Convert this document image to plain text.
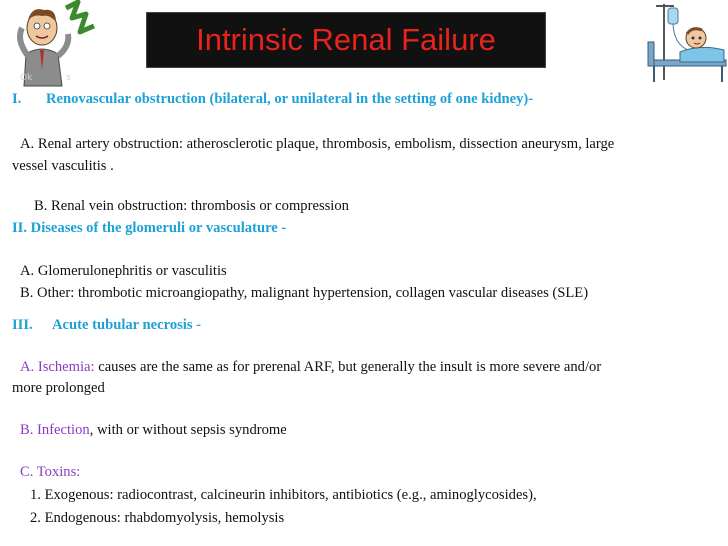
Ok	s
Intrinsic Renal Failure
I. Renovascular obstruction (bilateral, or unilateral in the setting of one kidney)-
A. Renal artery obstruction: atherosclerotic plaque, thrombosis, embolism, dissection aneurysm, large
vessel vasculitis .
B. Renal vein obstruction: thrombosis or compression
II. Diseases of the glomeruli or vasculature -
A. Glomerulonephritis or vasculitis
B. Other: thrombotic microangiopathy, malignant hypertension, collagen vascular diseases (SLE)
III. Acute tubular necrosis -
A. Ischemia: causes are the same as for prerenal ARF, but generally the insult is more severe and/or
more prolonged
B. Infection, with or without sepsis syndrome
C. Toxins:
1. Exogenous: radiocontrast, calcineurin inhibitors, antibiotics (e.g., aminoglycosides),
2. Endogenous: rhabdomyolysis, hemolysis
